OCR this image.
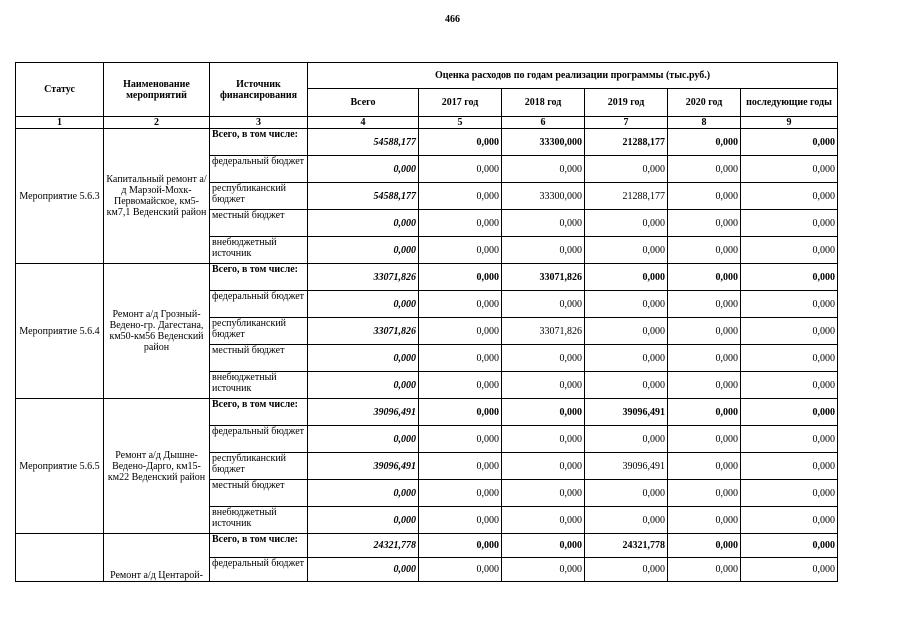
466
Статус	Наименование мероприятий	Источник финансирования	Оценка расходов по годам реализации программы (тыс.руб.)					
			Всего	2017 год	2018 год	2019 год	2020 год	последующие годы
1	2	3	4	5	6	7	8	9
Мероприятие 5.6.3	Капитальный ремонт а/д Марзой-Мохк-Первомайское, км5-км7,1 Веденский район	Всего, в том числе:	54588,177	0,000	33300,000	21288,177	0,000	0,000
		федеральный бюджет	0,000	0,000	0,000	0,000	0,000	0,000
		республиканский бюджет	54588,177	0,000	33300,000	21288,177	0,000	0,000
		местный бюджет	0,000	0,000	0,000	0,000	0,000	0,000
		внебюджетный источник	0,000	0,000	0,000	0,000	0,000	0,000
Мероприятие 5.6.4	Ремонт а/д Грозный-Ведено-гр. Дагестана, км50-км56 Веденский район	Всего, в том числе:	33071,826	0,000	33071,826	0,000	0,000	0,000
		федеральный бюджет	0,000	0,000	0,000	0,000	0,000	0,000
		республиканский бюджет	33071,826	0,000	33071,826	0,000	0,000	0,000
		местный бюджет	0,000	0,000	0,000	0,000	0,000	0,000
		внебюджетный источник	0,000	0,000	0,000	0,000	0,000	0,000
Мероприятие 5.6.5	Ремонт а/д Дышне-Ведено-Дарго, км15-км22 Веденский район	Всего, в том числе:	39096,491	0,000	0,000	39096,491	0,000	0,000
		федеральный бюджет	0,000	0,000	0,000	0,000	0,000	0,000
		республиканский бюджет	39096,491	0,000	0,000	39096,491	0,000	0,000
		местный бюджет	0,000	0,000	0,000	0,000	0,000	0,000
		внебюджетный источник	0,000	0,000	0,000	0,000	0,000	0,000
	Ремонт а/д Центарой-	Всего, в том числе:	24321,778	0,000	0,000	24321,778	0,000	0,000
		федеральный бюджет	0,000	0,000	0,000	0,000	0,000	0,000
